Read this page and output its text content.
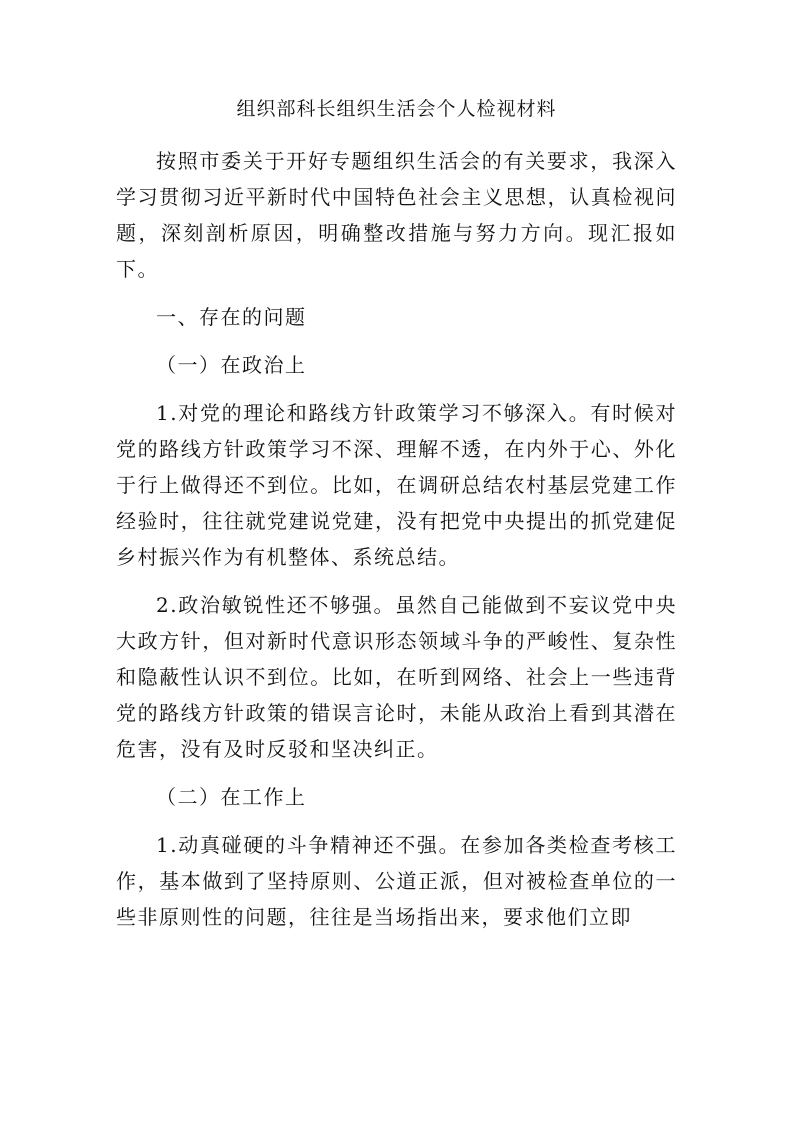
组织部科长组织生活会个人检视材料

按照市委关于开好专题组织生活会的有关要求，我深入学习贯彻习近平新时代中国特色社会主义思想，认真检视问题，深刻剖析原因，明确整改措施与努力方向。现汇报如下。

一、存在的问题

（一）在政治上

1.对党的理论和路线方针政策学习不够深入。有时候对党的路线方针政策学习不深、理解不透，在内外于心、外化于行上做得还不到位。比如，在调研总结农村基层党建工作经验时，往往就党建说党建，没有把党中央提出的抓党建促乡村振兴作为有机整体、系统总结。

2.政治敏锐性还不够强。虽然自己能做到不妄议党中央大政方针，但对新时代意识形态领域斗争的严峻性、复杂性和隐蔽性认识不到位。比如，在听到网络、社会上一些违背党的路线方针政策的错误言论时，未能从政治上看到其潜在危害，没有及时反驳和坚决纠正。

（二）在工作上

1.动真碰硬的斗争精神还不强。在参加各类检查考核工作，基本做到了坚持原则、公道正派，但对被检查单位的一些非原则性的问题，往往是当场指出来，要求他们立即
